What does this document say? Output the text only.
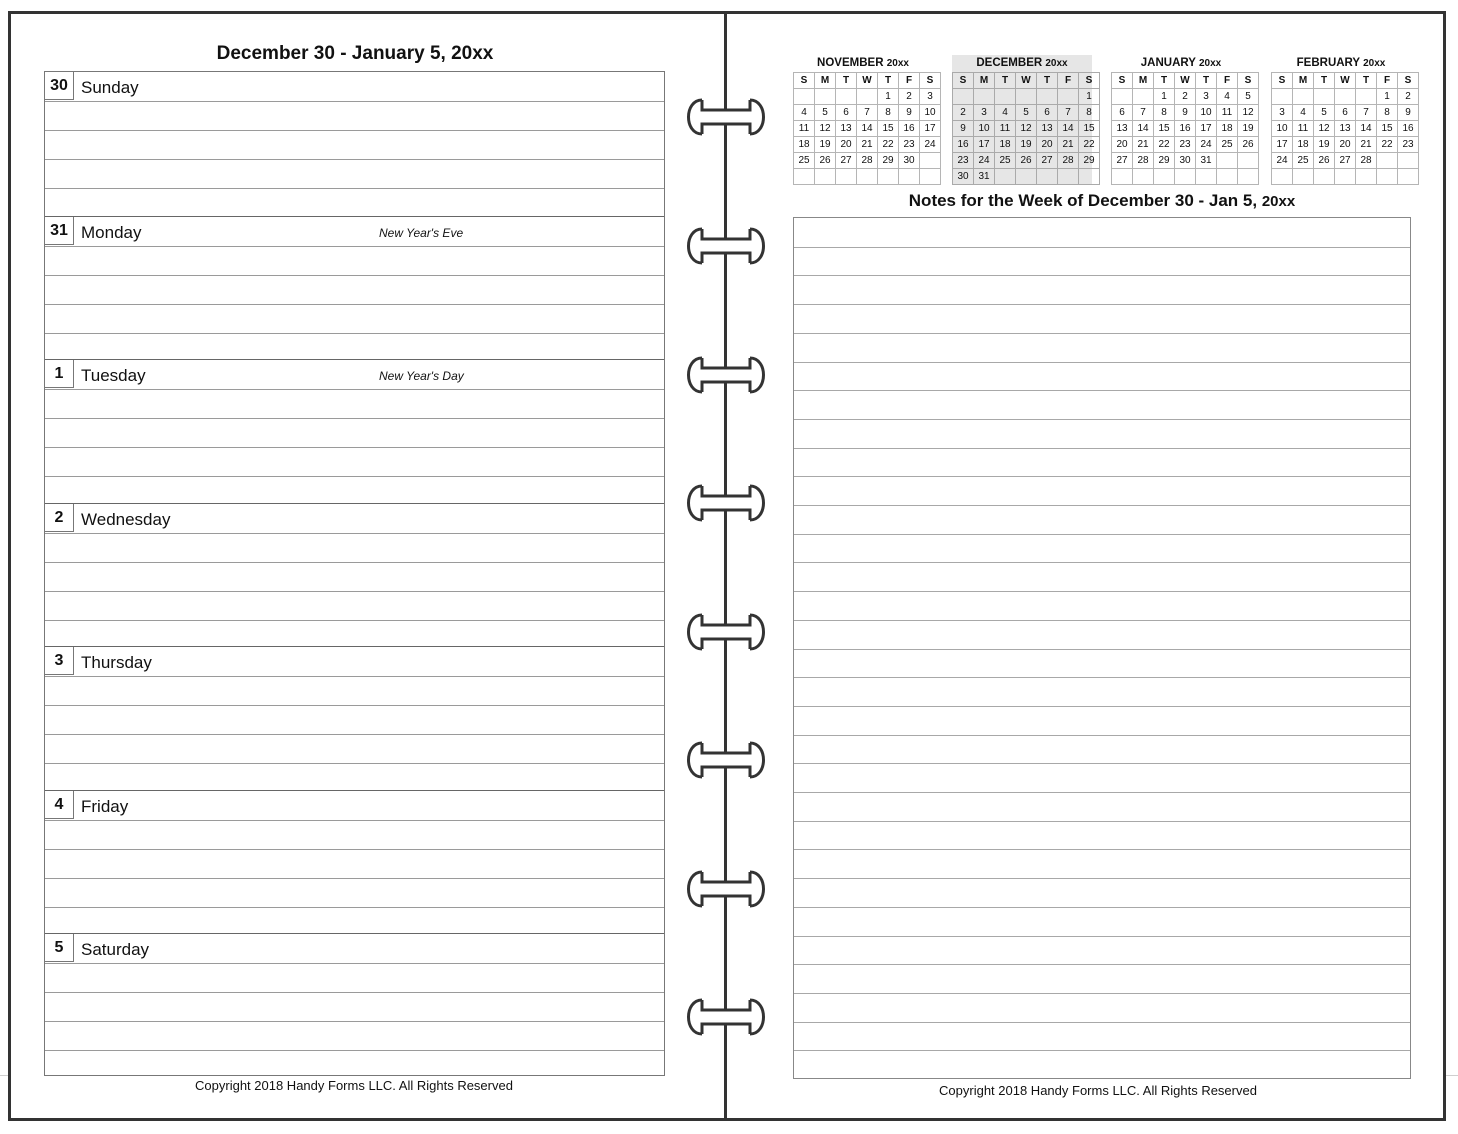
December 30 - January 5, 20xx
30 Sunday
31 Monday	New Year's Eve
1	Tuesday	New Year's Day
2	Wednesday
3	Thursday
4	Friday
5	Saturday
Copyright 2018 Handy Forms LLC. All Rights Reserved
NOVEMBER 20xx
S	M	T	W	T	F	S
				1	2	3
4	5	6	7	8	9	10
11	12	13	14	15	16	17
18	19	20	21	22	23	24
25	26	27	28	29	30	

DECEMBER 20xx
S	M	T	W	T	F	S
						1
2	3	4	5	6	7	8
9	10	11	12	13	14	15
16	17	18	19	20	21	22
23	24	25	26	27	28	29
30	31					
JANUARY 20xx
S	M	T	W	T	F	S
		1	2	3	4	5
6	7	8	9	10	11	12
13	14	15	16	17	18	19
20	21	22	23	24	25	26
27	28	29	30	31		

FEBRUARY 20xx
S	M	T	W	T	F	S
					1	2
3	4	5	6	7	8	9
10	11	12	13	14	15	16
17	18	19	20	21	22	23
24	25	26	27	28		

Notes for the Week of December 30 - Jan 5, 20xx
Copyright 2018 Handy Forms LLC. All Rights Reserved
